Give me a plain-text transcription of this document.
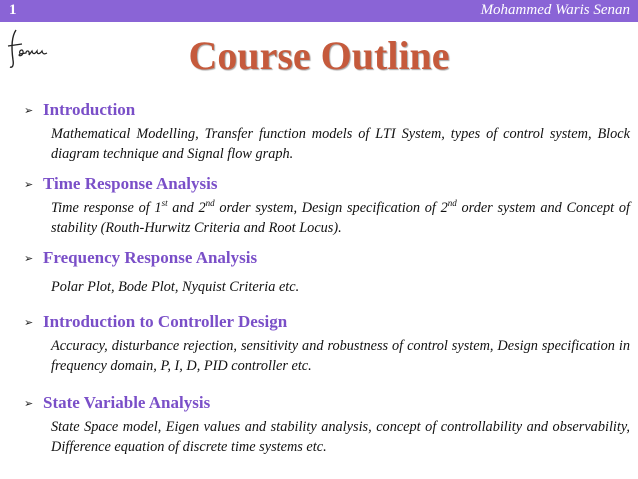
1	Mohammed Waris Senan
Course Outline
➢ Introduction
Mathematical Modelling, Transfer function models of LTI System, types of control system, Block diagram technique and Signal flow graph.
➢ Time Response Analysis
Time response of 1st and 2nd order system, Design specification of 2nd order system and Concept of stability (Routh-Hurwitz Criteria and Root Locus).
➢ Frequency Response Analysis
Polar Plot, Bode Plot, Nyquist Criteria etc.
➢ Introduction to Controller Design
Accuracy, disturbance rejection, sensitivity and robustness of control system, Design specification in frequency domain, P, I, D, PID controller etc.
➢ State Variable Analysis
State Space model, Eigen values and stability analysis, concept of controllability and observability, Difference equation of discrete time systems etc.
